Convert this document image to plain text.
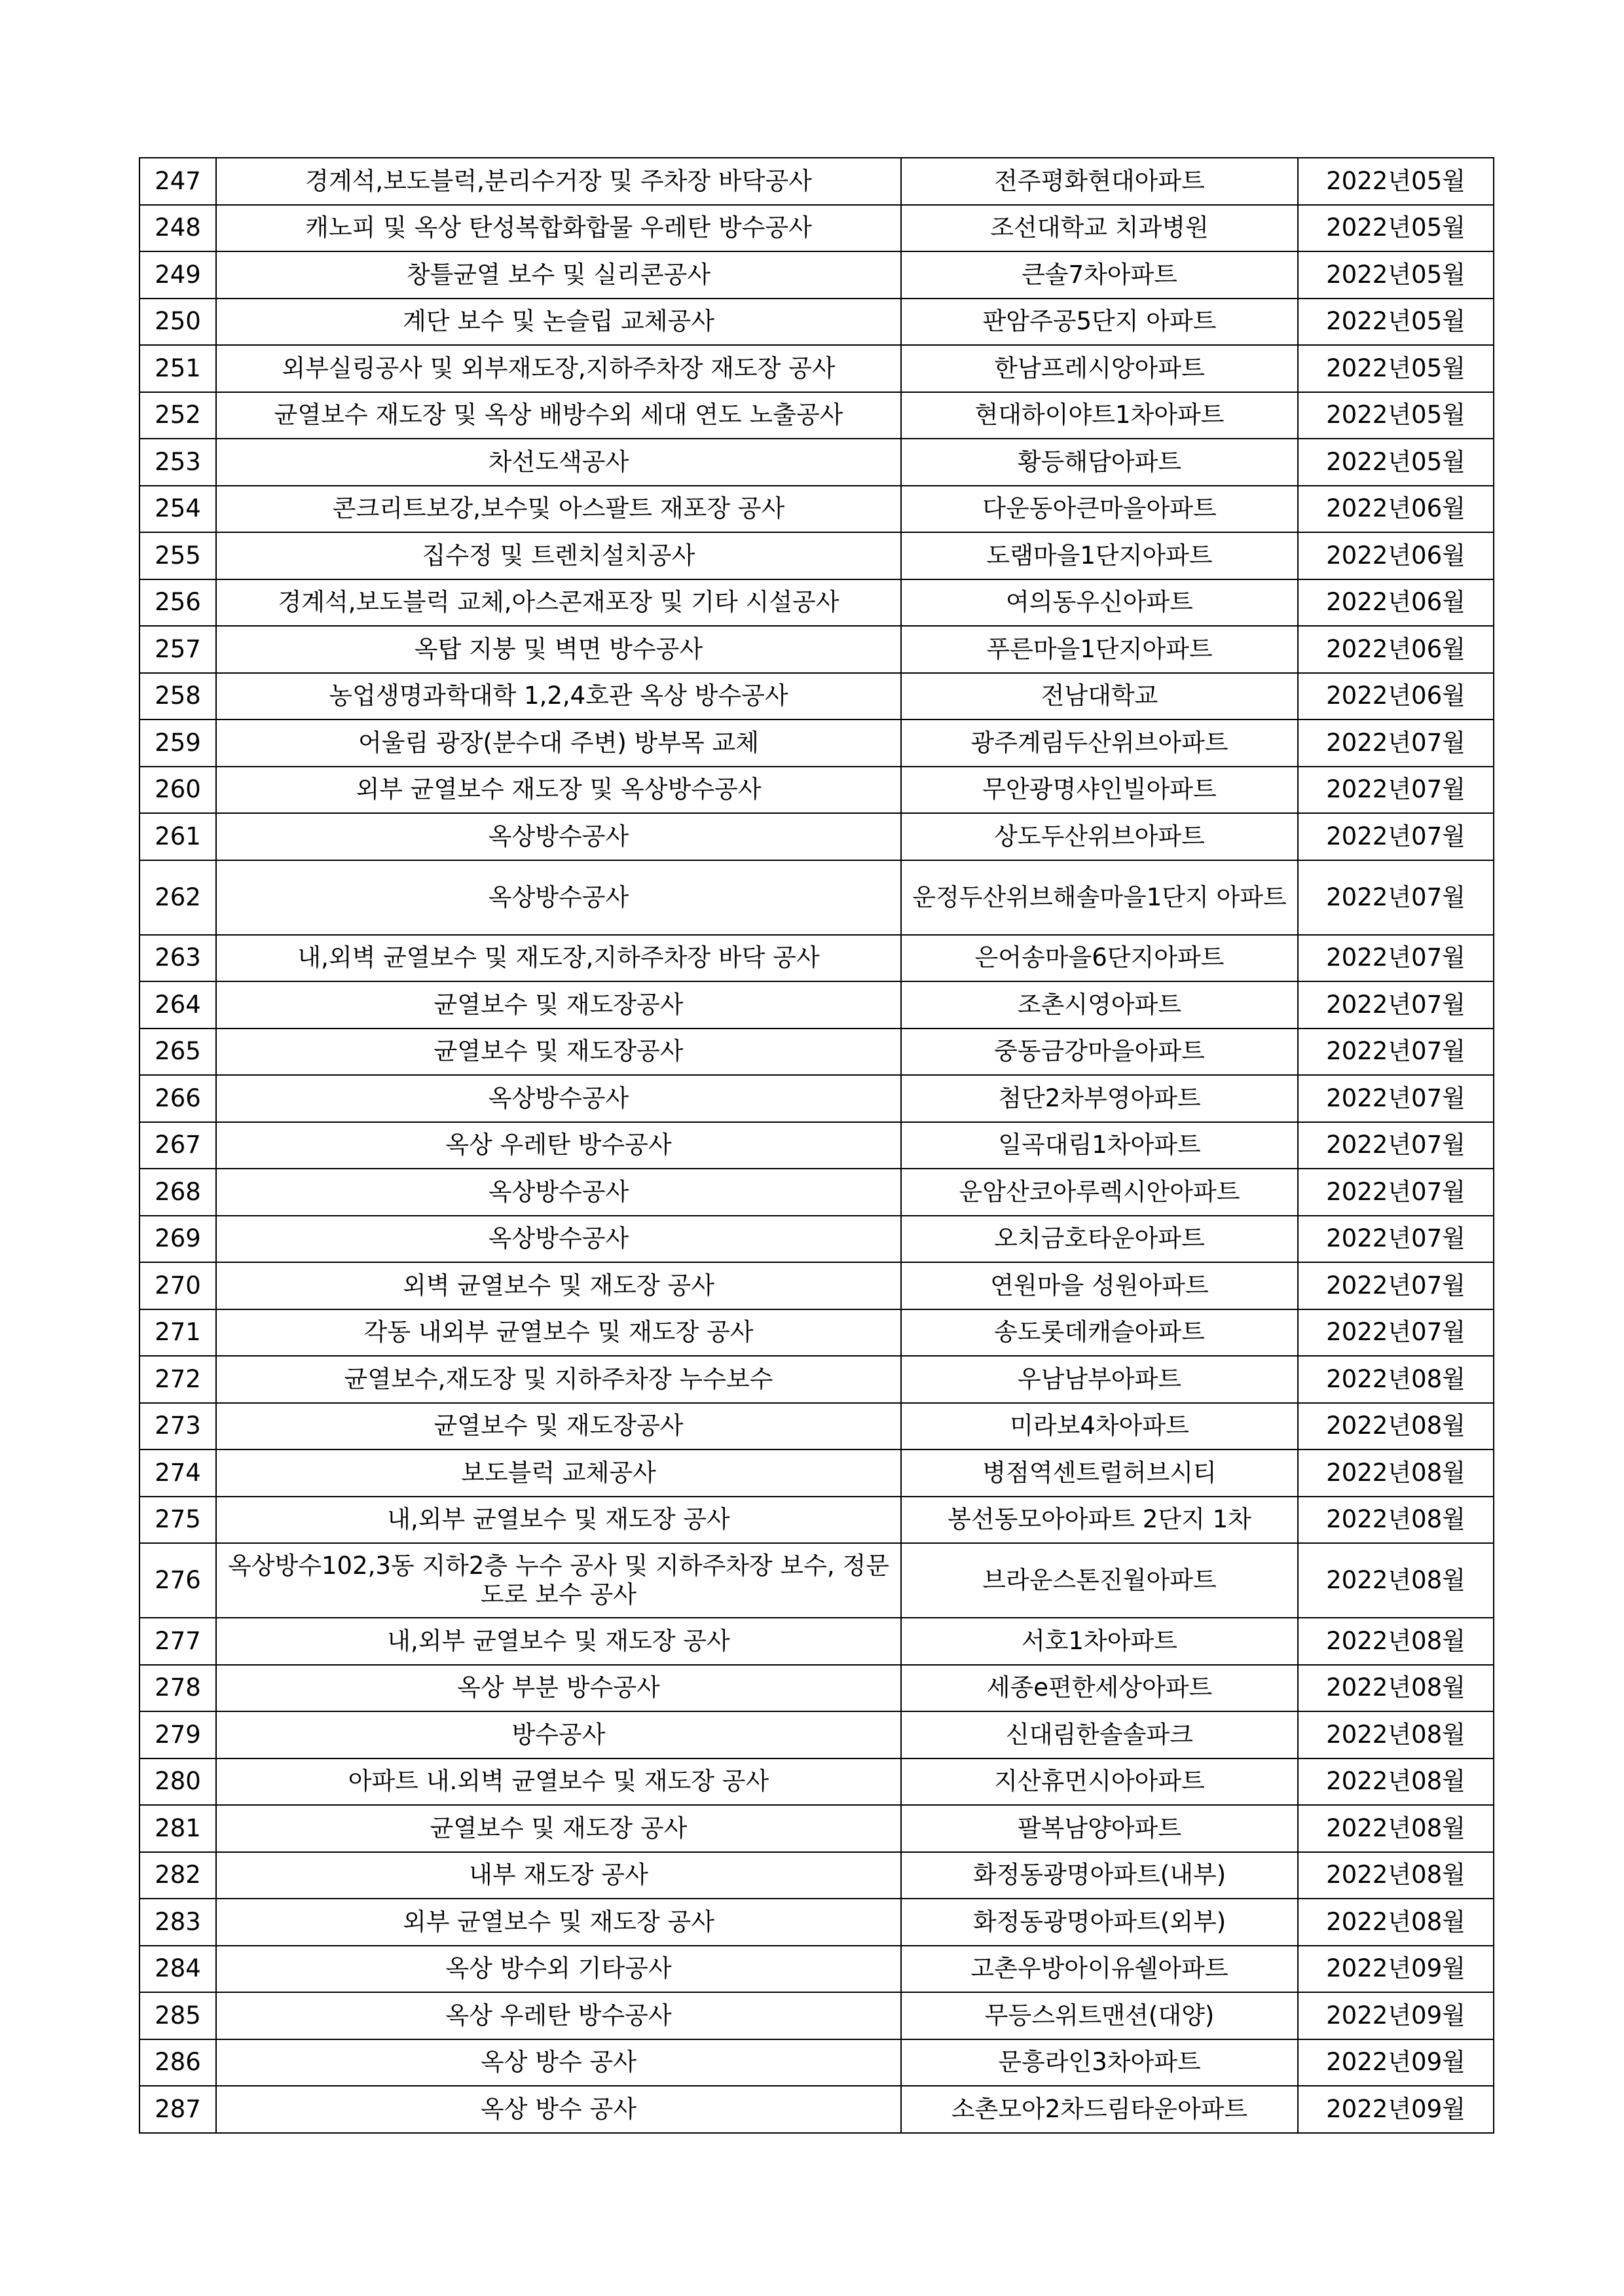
247	경계석,보도블럭,분리수거장 및 주차장 바닥공사	전주평화현대아파트	2022년05월
248	캐노피 및 옥상 탄성복합화합물 우레탄 방수공사	조선대학교 치과병원	2022년05월
249	창틀균열 보수 및 실리콘공사	큰솔7차아파트	2022년05월
250	계단 보수 및 논슬립 교체공사	판암주공5단지 아파트	2022년05월
251	외부실링공사 및 외부재도장,지하주차장 재도장 공사	한남프레시앙아파트	2022년05월
252	균열보수 재도장 및 옥상 배방수외 세대 연도 노출공사	현대하이야트1차아파트	2022년05월
253	차선도색공사	황등해담아파트	2022년05월
254	콘크리트보강,보수및 아스팔트 재포장 공사	다운동아큰마을아파트	2022년06월
255	집수정 및 트렌치설치공사	도램마을1단지아파트	2022년06월
256	경계석,보도블럭 교체,아스콘재포장 및 기타 시설공사	여의동우신아파트	2022년06월
257	옥탑 지붕 및 벽면 방수공사	푸른마을1단지아파트	2022년06월
258	농업생명과학대학 1,2,4호관 옥상 방수공사	전남대학교	2022년06월
259	어울림 광장(분수대 주변) 방부목 교체	광주계림두산위브아파트	2022년07월
260	외부 균열보수 재도장 및 옥상방수공사	무안광명샤인빌아파트	2022년07월
261	옥상방수공사	상도두산위브아파트	2022년07월
262	옥상방수공사	운정두산위브해솔마을1단지 아파트	2022년07월
263	내,외벽 균열보수 및 재도장,지하주차장 바닥 공사	은어송마을6단지아파트	2022년07월
264	균열보수 및 재도장공사	조촌시영아파트	2022년07월
265	균열보수 및 재도장공사	중동금강마을아파트	2022년07월
266	옥상방수공사	첨단2차부영아파트	2022년07월
267	옥상 우레탄 방수공사	일곡대림1차아파트	2022년07월
268	옥상방수공사	운암산코아루렉시안아파트	2022년07월
269	옥상방수공사	오치금호타운아파트	2022년07월
270	외벽 균열보수 및 재도장 공사	연원마을 성원아파트	2022년07월
271	각동 내외부 균열보수 및 재도장 공사	송도롯데캐슬아파트	2022년07월
272	균열보수,재도장 및 지하주차장 누수보수	우남남부아파트	2022년08월
273	균열보수 및 재도장공사	미라보4차아파트	2022년08월
274	보도블럭 교체공사	병점역센트럴허브시티	2022년08월
275	내,외부 균열보수 및 재도장 공사	봉선동모아아파트 2단지 1차	2022년08월
276	옥상방수102,3동 지하2층 누수 공사 및 지하주차장 보수, 정문 도로 보수 공사	브라운스톤진월아파트	2022년08월
277	내,외부 균열보수 및 재도장 공사	서호1차아파트	2022년08월
278	옥상 부분 방수공사	세종e편한세상아파트	2022년08월
279	방수공사	신대림한솔솔파크	2022년08월
280	아파트 내.외벽 균열보수 및 재도장 공사	지산휴먼시아아파트	2022년08월
281	균열보수 및 재도장 공사	팔복남양아파트	2022년08월
282	내부 재도장 공사	화정동광명아파트(내부)	2022년08월
283	외부 균열보수 및 재도장 공사	화정동광명아파트(외부)	2022년08월
284	옥상 방수외 기타공사	고촌우방아이유쉘아파트	2022년09월
285	옥상 우레탄 방수공사	무등스위트맨션(대양)	2022년09월
286	옥상 방수 공사	문흥라인3차아파트	2022년09월
287	옥상 방수 공사	소촌모아2차드림타운아파트	2022년09월
